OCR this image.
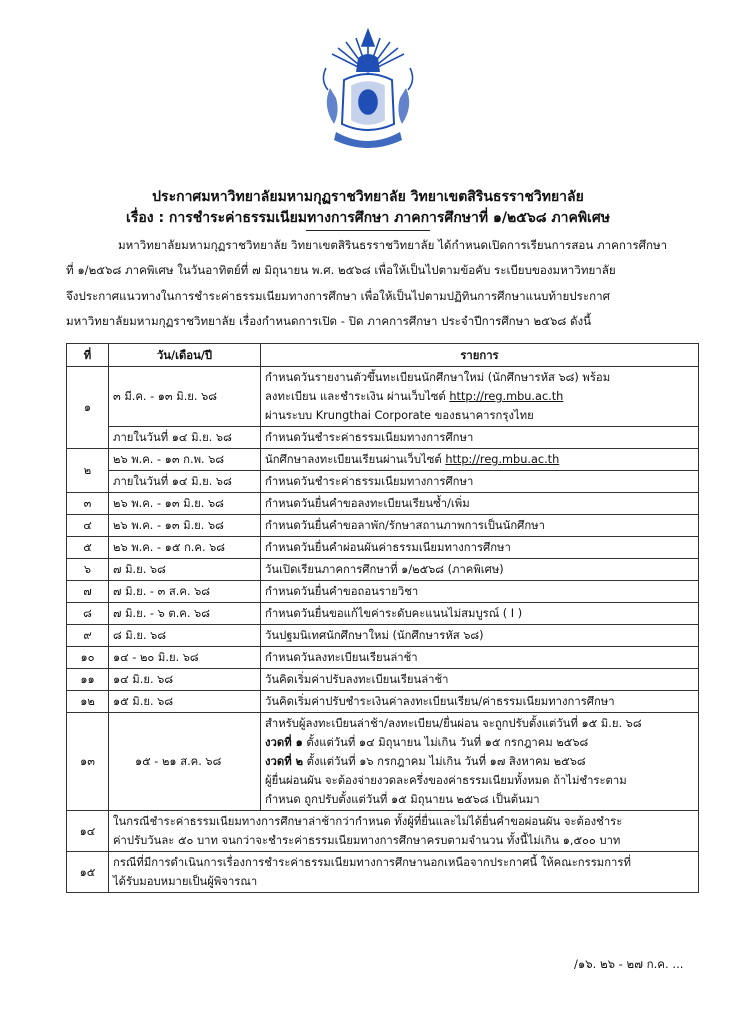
ประกาศมหาวิทยาลัยมหามกุฏราชวิทยาลัย วิทยาเขตสิรินธรราชวิทยาลัย
เรื่อง : การชำระค่าธรรมเนียมทางการศึกษา ภาคการศึกษาที่ ๑/๒๕๖๘ ภาคพิเศษ
มหาวิทยาลัยมหามกุฏราชวิทยาลัย วิทยาเขตสิรินธรราชวิทยาลัย ได้กำหนดเปิดการเรียนการสอน ภาคการศึกษา
ที่ ๑/๒๕๖๘ ภาคพิเศษ ในวันอาทิตย์ที่ ๗ มิถุนายน พ.ศ. ๒๕๖๘ เพื่อให้เป็นไปตามข้อคับ ระเบียบของมหาวิทยาลัย
จึงประกาศแนวทางในการชำระค่าธรรมเนียมทางการศึกษา เพื่อให้เป็นไปตามปฏิทินการศึกษาแนบท้ายประกาศ
มหาวิทยาลัยมหามกุฏราชวิทยาลัย เรื่องกำหนดการเปิด - ปิด ภาคการศึกษา ประจำปีการศึกษา ๒๕๖๘ ดังนี้
ที่	วัน/เดือน/ปี	รายการ
๑	๓ มี.ค. - ๑๓ มิ.ย. ๖๘	กำหนดวันรายงานตัวขึ้นทะเบียนนักศึกษาใหม่ (นักศึกษารหัส ๖๘) พร้อม
ลงทะเบียน และชำระเงิน ผ่านเว็บไซต์ http://reg.mbu.ac.th
ผ่านระบบ Krungthai Corporate ของธนาคารกรุงไทย

	ภายในวันที่ ๑๔ มิ.ย. ๖๘	กำหนดวันชำระค่าธรรมเนียมทางการศึกษา
๒	๒๖ พ.ค. - ๑๓ ก.พ. ๖๘	นักศึกษาลงทะเบียนเรียนผ่านเว็บไซต์ http://reg.mbu.ac.th
	ภายในวันที่ ๑๔ มิ.ย. ๖๘	กำหนดวันชำระค่าธรรมเนียมทางการศึกษา
๓	๒๖ พ.ค. - ๑๓ มิ.ย. ๖๘	กำหนดวันยื่นคำขอลงทะเบียนเรียนซ้ำ/เพิ่ม
๔	๒๖ พ.ค. - ๑๓ มิ.ย. ๖๘	กำหนดวันยื่นคำขอลาพัก/รักษาสถานภาพการเป็นนักศึกษา
๕	๒๖ พ.ค. - ๑๕ ก.ค. ๖๘	กำหนดวันยื่นคำผ่อนผันค่าธรรมเนียมทางการศึกษา
๖	๗ มิ.ย. ๖๘	วันเปิดเรียนภาคการศึกษาที่ ๑/๒๕๖๘ (ภาคพิเศษ)
๗	๗ มิ.ย. - ๓ ส.ค. ๖๘	กำหนดวันยื่นคำขอถอนรายวิชา
๘	๗ มิ.ย. - ๖ ต.ค. ๖๘	กำหนดวันยื่นขอแก้ไขค่าระดับคะแนนไม่สมบูรณ์ ( I )
๙	๘ มิ.ย. ๖๘	วันปฐมนิเทศนักศึกษาใหม่ (นักศึกษารหัส ๖๘)
๑๐	๑๔ - ๒๐ มิ.ย. ๖๘	กำหนดวันลงทะเบียนเรียนล่าช้า
๑๑	๑๔ มิ.ย. ๖๘	วันคิดเริ่มค่าปรับลงทะเบียนเรียนล่าช้า
๑๒	๑๕ มิ.ย. ๖๘	วันคิดเริ่มค่าปรับชำระเงินค่าลงทะเบียนเรียน/ค่าธรรมเนียมทางการศึกษา
๑๓	๑๕ - ๒๑ ส.ค. ๖๘	สำหรับผู้ลงทะเบียนล่าช้า/ลงทะเบียน/ยื่นผ่อน จะถูกปรับตั้งแต่วันที่ ๑๕ มิ.ย. ๖๘
งวดที่ ๑ ตั้งแต่วันที่ ๑๔ มิถุนายน ไม่เกิน วันที่ ๑๕ กรกฎาคม ๒๕๖๘
งวดที่ ๒ ตั้งแต่วันที่ ๑๖ กรกฎาคม ไม่เกิน วันที่ ๑๗ สิงหาคม ๒๕๖๘
ผู้ยื่นผ่อนผัน จะต้องจ่ายงวดละครึ่งของค่าธรรมเนียมทั้งหมด ถ้าไม่ชำระตาม
กำหนด ถูกปรับตั้งแต่วันที่ ๑๕ มิถุนายน ๒๕๖๘ เป็นต้นมา

๑๔	ในกรณีชำระค่าธรรมเนียมทางการศึกษาล่าช้ากว่ากำหนด ทั้งผู้ที่ยื่นและไม่ได้ยื่นคำขอผ่อนผัน จะต้องชำระ
ค่าปรับวันละ ๕๐ บาท จนกว่าจะชำระค่าธรรมเนียมทางการศึกษาครบตามจำนวน ทั้งนี้ไม่เกิน ๑,๕๐๐ บาท	

๑๕	กรณีที่มีการดำเนินการเรื่องการชำระค่าธรรมเนียมทางการศึกษานอกเหนือจากประกาศนี้ ให้คณะกรรมการที่
ได้รับมอบหมายเป็นผู้พิจารณา	
/๑๖. ๒๖ - ๒๗ ก.ค. ...
